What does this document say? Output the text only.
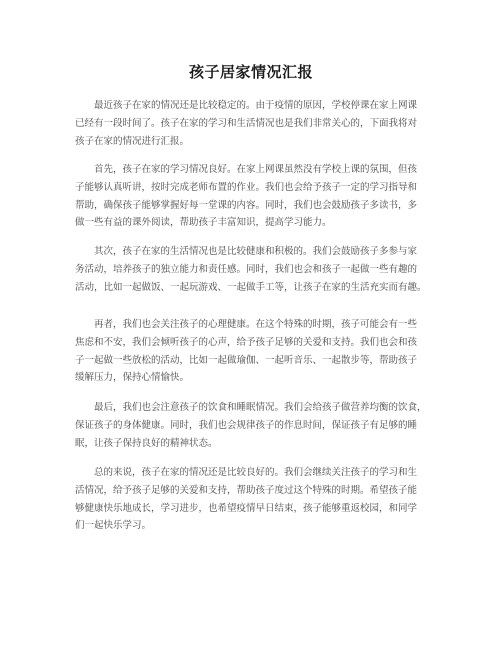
孩子居家情况汇报
最近孩子在家的情况还是比较稳定的。由于疫情的原因，学校停课在家上网课
已经有一段时间了。孩子在家的学习和生活情况也是我们非常关心的，下面我将对
孩子在家的情况进行汇报。
首先，孩子在家的学习情况良好。在家上网课虽然没有学校上课的氛围，但孩
子能够认真听讲，按时完成老师布置的作业。我们也会给予孩子一定的学习指导和
帮助，确保孩子能够掌握好每一堂课的内容。同时，我们也会鼓励孩子多读书，多
做一些有益的课外阅读，帮助孩子丰富知识，提高学习能力。
其次，孩子在家的生活情况也是比较健康和积极的。我们会鼓励孩子多参与家
务活动，培养孩子的独立能力和责任感。同时，我们也会和孩子一起做一些有趣的
活动，比如一起做饭、一起玩游戏、一起做手工等，让孩子在家的生活充实而有趣。
再者，我们也会关注孩子的心理健康。在这个特殊的时期，孩子可能会有一些
焦虑和不安，我们会倾听孩子的心声，给予孩子足够的关爱和支持。我们也会和孩
子一起做一些放松的活动，比如一起做瑜伽、一起听音乐、一起散步等，帮助孩子
缓解压力，保持心情愉快。
最后，我们也会注意孩子的饮食和睡眠情况。我们会给孩子做营养均衡的饮食，
保证孩子的身体健康。同时，我们也会规律孩子的作息时间，保证孩子有足够的睡
眠，让孩子保持良好的精神状态。
总的来说，孩子在家的情况还是比较良好的。我们会继续关注孩子的学习和生
活情况，给予孩子足够的关爱和支持，帮助孩子度过这个特殊的时期。希望孩子能
够健康快乐地成长，学习进步，也希望疫情早日结束，孩子能够重返校园，和同学
们一起快乐学习。
